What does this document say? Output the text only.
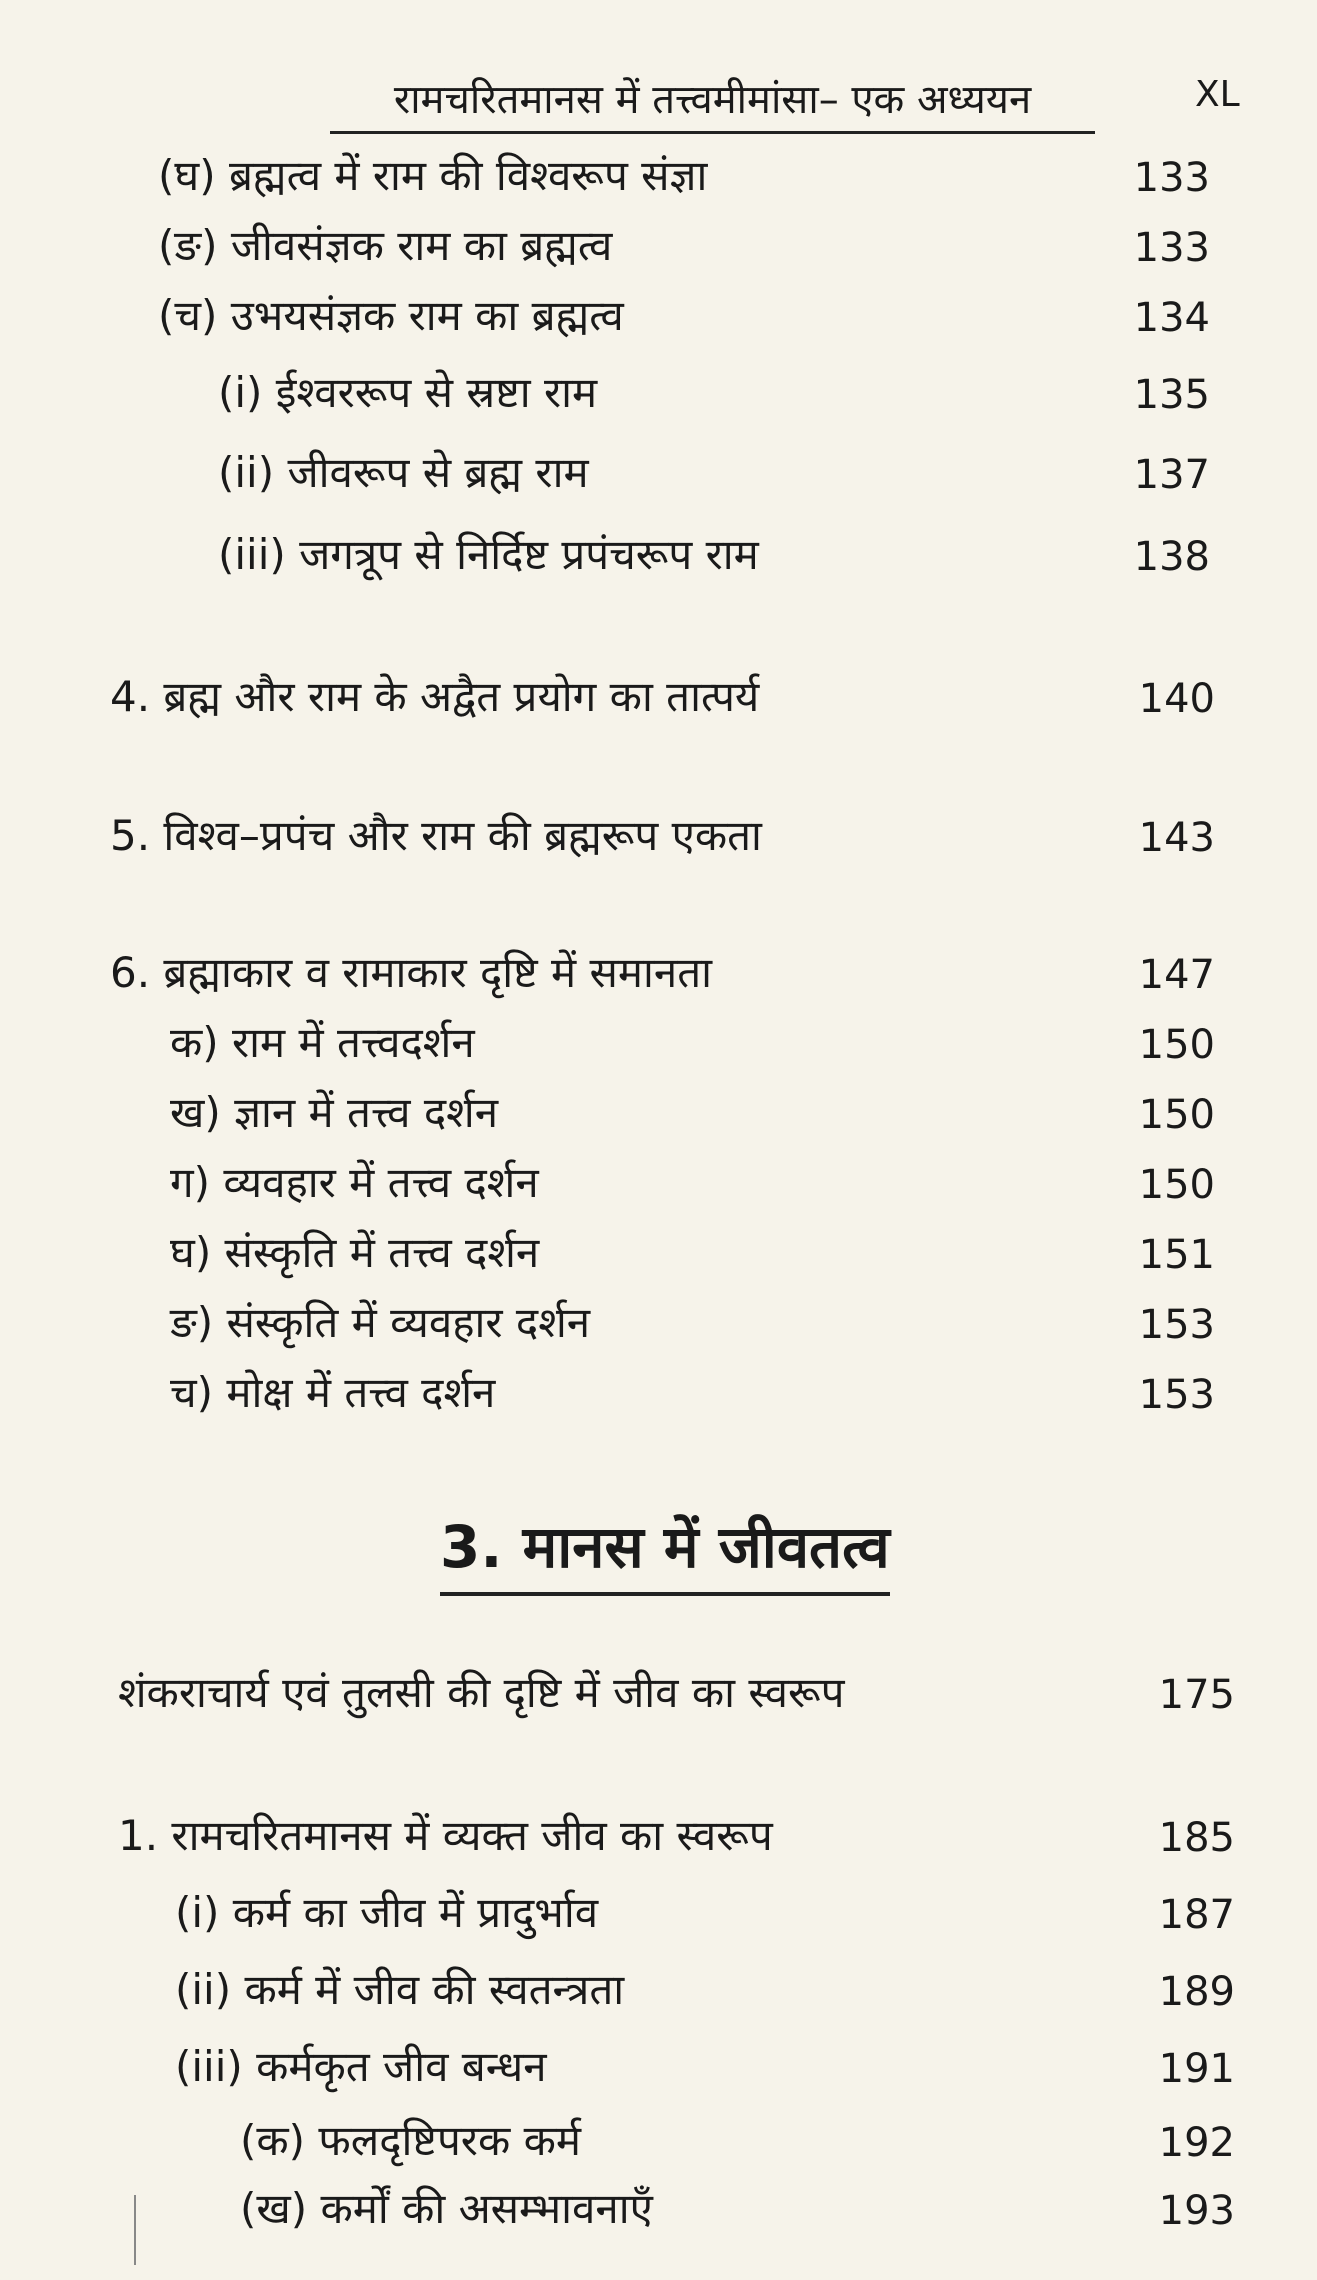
रामचरितमानस में तत्त्वमीमांसा– एक अध्ययन	XL
(घ) ब्रह्मत्व में राम की विश्वरूप संज्ञा	133
(ङ) जीवसंज्ञक राम का ब्रह्मत्व	133
(च) उभयसंज्ञक राम का ब्रह्मत्व	134
(i) ईश्वररूप से स्रष्टा राम	135
(ii) जीवरूप से ब्रह्म राम	137
(iii) जगत्रूप से निर्दिष्ट प्रपंचरूप राम	138
4. ब्रह्म और राम के अद्वैत प्रयोग का तात्पर्य	140
5. विश्व–प्रपंच और राम की ब्रह्मरूप एकता	143
6. ब्रह्माकार व रामाकार दृष्टि में समानता	147
क) राम में तत्त्वदर्शन	150
ख) ज्ञान में तत्त्व दर्शन	150
ग) व्यवहार में तत्त्व दर्शन	150
घ) संस्कृति में तत्त्व दर्शन	151
ङ) संस्कृति में व्यवहार दर्शन	153
च) मोक्ष में तत्त्व दर्शन	153
3. मानस में जीवतत्व
शंकराचार्य एवं तुलसी की दृष्टि में जीव का स्वरूप	175
1. रामचरितमानस में व्यक्त जीव का स्वरूप	185
(i) कर्म का जीव में प्रादुर्भाव	187
(ii) कर्म में जीव की स्वतन्त्रता	189
(iii) कर्मकृत जीव बन्धन	191
(क) फलदृष्टिपरक कर्म	192
(ख) कर्मों की असम्भावनाएँ	193
